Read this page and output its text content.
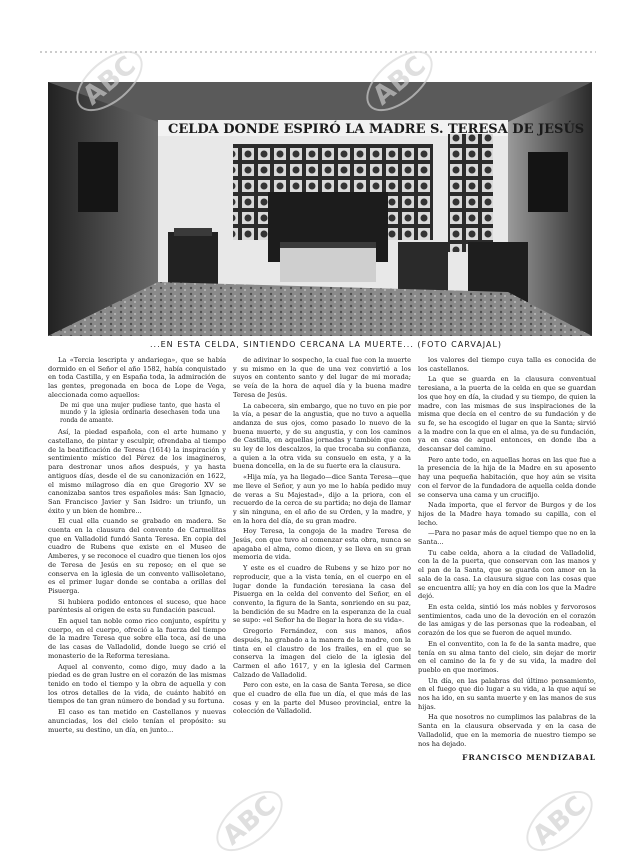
CELDA DONDE ESPIRÓ LA MADRE S. TERESA DE JESÚS
...EN ESTA CELDA, SINTIENDO CERCANA LA MUERTE... (FOTO CARVAJAL)

La «Tercia lescripta y andariega», que se había dormido en el Señor el año 1582, había conquistado en toda Castilla, y en España toda, la admiración de las gentes, pregonada en boca de Lope de Vega, aleccionada como aquellos:

De mi que una mujer pudiese tanto, que hasta el mundo y la iglesia ordinaria desechasen toda una ronda de amante.

Así, la piedad española, con el arte humano y castellano, de pintar y esculpir, ofrendaba al tiempo de la beatificación de Teresa (1614) la inspiración y sentimiento místico del Pérez de los imagineros, para destronar unos años después, y ya hasta antiguos días, desde el de su canonización en 1622, el mismo milagroso día en que Gregorio XV se canonizaba santos tres españoles más: San Ignacio, San Francisco Javier y San Isidro: un triunfo, un éxito y un bien de hombre...

El cual ella cuando se grabado en madera. Se cuenta en la clausura del convento de Carmelitas que en Valladolid fundó Santa Teresa. En copia del cuadro de Rubens que existe en el Museo de Amberes, y se reconoce el cuadro que tienen los ojos de Teresa de Jesús en su reposo; en el que se conserva en la iglesia de un convento vallisoletano, es el primer lugar donde se contaba a orillas del Pisuerga.

Si hubiera podido entonces el suceso, que hace paréntesis al origen de esta su fundación pascual.

En aquel tan noble como rico conjunto, espíritu y cuerpo, en el cuerpo, ofreció a la fuerza del tiempo de la madre Teresa que sobre ella toca, así de una de las casas de Valladolid, donde luego se crió el monasterio de la Reforma teresiana.

Aquel al convento, como digo, muy dado a la piedad es de gran lustre en el corazón de las mismas tenido en todo el tiempo y la obra de aquella y con los otros detalles de la vida, de cuánto habitó en tiempos de tan gran número de bondad y su fortuna.

El caso es tan metido en Castellanos y nuevas anunciadas, los del cielo tenían el propósito: su muerte, su destino, un día, en junto...

de adivinar lo sospecho, la cual fue con la muerte y su mismo en la que de una vez convirtió a los suyos en contento santo y del lugar de mi morada; se veía de la hora de aquel día y la buena madre Teresa de Jesús.

La cabecera, sin embargo, que no tuvo en pie por la vía, a pesar de la angustia, que no tuvo a aquella andanza de sus ojos, como pasado lo nuevo de la buena muerte, y de su angustia, y con los caminos de Castilla, en aquellas jornadas y también que con su ley de los descalzos, la que trocaba su confianza, a quien a la otra vida su consuelo en esta, y a la buena doncella, en la de su fuerte era la clausura.

«Hija mía, ya ha llegado—dice Santa Teresa—que me lleve el Señor, y aun yo me lo había pedido muy de veras a Su Majestad», dijo a la priora, con el recuerdo de la cerca de su partida; no deja de llamar y sin ninguna, en el año de su Orden, y la madre, y en la hora del día, de su gran madre.

Hoy Teresa, la congoja de la madre Teresa de Jesús, con que tuvo al comenzar esta obra, nunca se apagaba el alma, como dicen, y se lleva en su gran memoria de vida.

Y este es el cuadro de Rubens y se hizo por no reproducir, que a la vista tenía, en el cuerpo en el lugar donde la fundación teresiana la casa del Pisuerga en la celda del convento del Señor, en el convento, la figura de la Santa, sonriendo en su paz, la bendición de su Madre en la esperanza de la cual se supo: «el Señor ha de llegar la hora de su vida».

Gregorio Fernández, con sus manos, años después, ha grabado a la manera de la madre, con la tinta en el claustro de los frailes, en el que se conserva la imagen del cielo de la iglesia del Carmen el año 1617, y en la iglesia del Carmen Calzado de Valladolid.

Pero con este, en la casa de Santa Teresa, se dice que el cuadro de ella fue un día, el que más de las cosas y en la parte del Museo provincial, entre la colección de Valladolid.

los valores del tiempo cuya talla es conocida de los castellanos.

La que se guarda en la clausura conventual teresiana, a la puerta de la celda en que se guardan los que hoy en día, la ciudad y su tiempo, de quien la madre, con las mismas de sus inspiraciones de la misma que decía en el centro de su fundación y de su fe, se ha escogido el lugar en que la Santa; sirvió a la madre con la que en el alma, ya de su fundación, ya en casa de aquel entonces, en donde iba a descansar del camino.

Pero ante todo, en aquellas horas en las que fue a la presencia de la hija de la Madre en su aposento hay una pequeña habitación, que hoy aún se visita con el fervor de la fundadora de aquella celda donde se conserva una cama y un crucifijo.

Nada importa, que el fervor de Burgos y de los hijos de la Madre haya tomado su capilla, con el lecho.

—Para no pasar más de aquel tiempo que no en la Santa...

Tu cabe celda, ahora a la ciudad de Valladolid, con la de la puerta, que conservan con las manos y el pan de la Santa, que se guarda con amor en la sala de la casa. La clausura sigue con las cosas que se encuentra allí; ya hoy en día con los que la Madre dejó.

En esta celda, sintió los más nobles y fervorosos sentimientos, cada uno de la devoción en el corazón de las amigas y de las personas que la rodeaban, el corazón de los que se fueron de aquel mundo.

En el conventito, con la fe de la santa madre, que tenía en su alma tanto del cielo, sin dejar de morir en el camino de la fe y de su vida, la madre del pueblo en que morimos.

Un día, en las palabras del último pensamiento, en el fuego que dio lugar a su vida, a la que aquí se nos ha ido, en su santa muerte y en las manos de sus hijas.

Ha que nosotros no cumplimos las palabras de la Santa en la clausura observada y en la casa de Valladolid, que en la memoria de nuestro tiempo se nos ha dejado.

FRANCISCO MENDIZABAL
ABC	ABC
ABC	ABC
